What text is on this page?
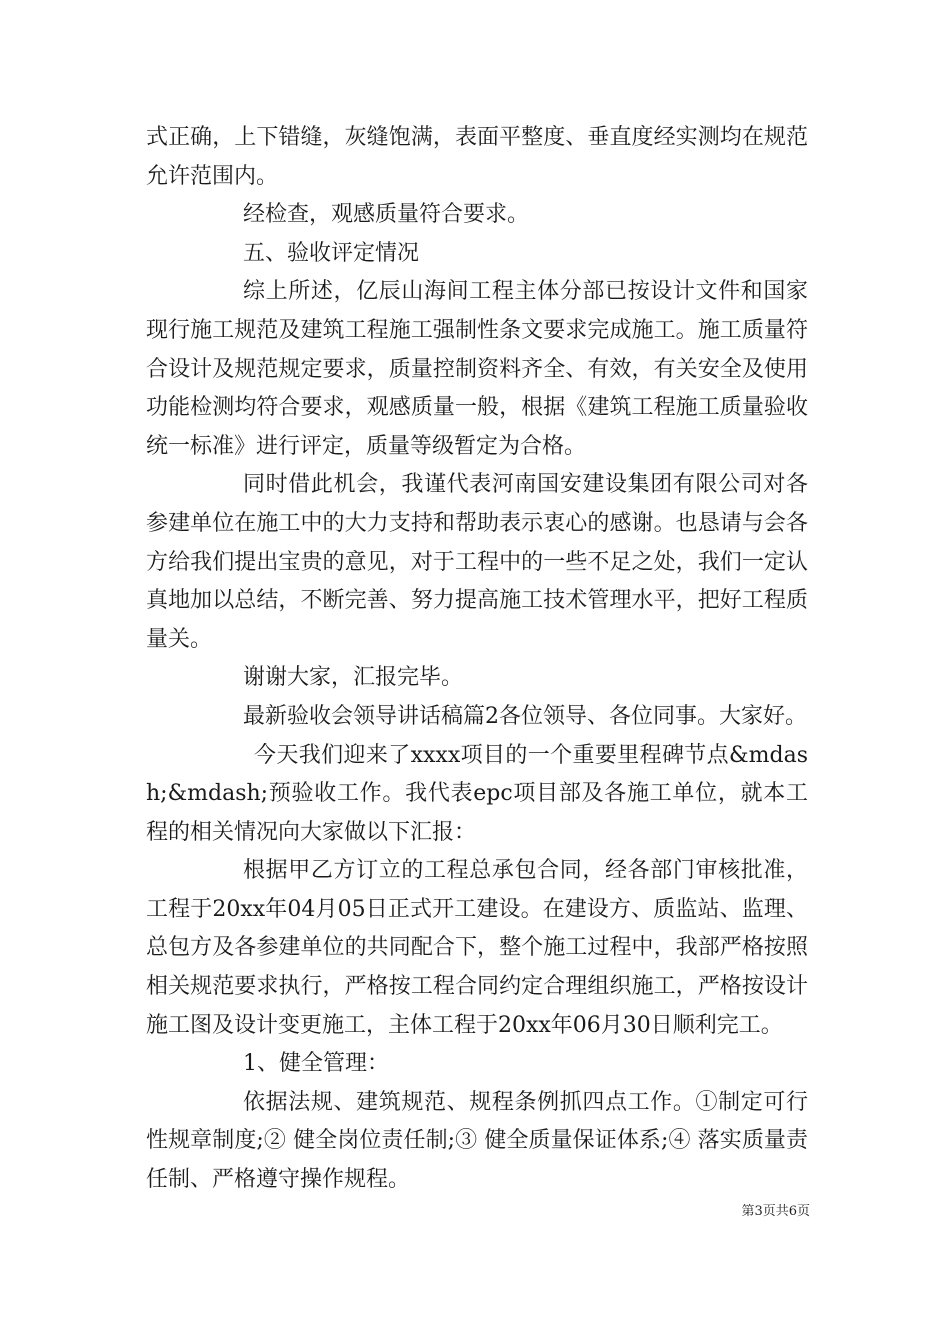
式正确，上下错缝，灰缝饱满，表面平整度、垂直度经实测均在规范允许范围内。

经检查，观感质量符合要求。

五、验收评定情况

综上所述，亿辰山海间工程主体分部已按设计文件和国家现行施工规范及建筑工程施工强制性条文要求完成施工。施工质量符合设计及规范规定要求，质量控制资料齐全、有效，有关安全及使用功能检测均符合要求，观感质量一般，根据《建筑工程施工质量验收统一标准》进行评定，质量等级暂定为合格。

同时借此机会，我谨代表河南国安建设集团有限公司对各参建单位在施工中的大力支持和帮助表示衷心的感谢。也恳请与会各方给我们提出宝贵的意见，对于工程中的一些不足之处，我们一定认真地加以总结，不断完善、努力提高施工技术管理水平，把好工程质量关。

谢谢大家，汇报完毕。

最新验收会领导讲话稿篇2各位领导、各位同事。大家好。

今天我们迎来了xxxx项目的一个重要里程碑节点&mdash;&mdash;预验收工作。我代表epc项目部及各施工单位，就本工程的相关情况向大家做以下汇报：

根据甲乙方订立的工程总承包合同，经各部门审核批准，工程于20xx年04月05日正式开工建设。在建设方、质监站、监理、总包方及各参建单位的共同配合下，整个施工过程中，我部严格按照相关规范要求执行，严格按工程合同约定合理组织施工，严格按设计施工图及设计变更施工，主体工程于20xx年06月30日顺利完工。

1、健全管理：

依据法规、建筑规范、规程条例抓四点工作。①制定可行性规章制度;② 健全岗位责任制;③ 健全质量保证体系;④ 落实质量责任制、严格遵守操作规程。

第3页共6页
